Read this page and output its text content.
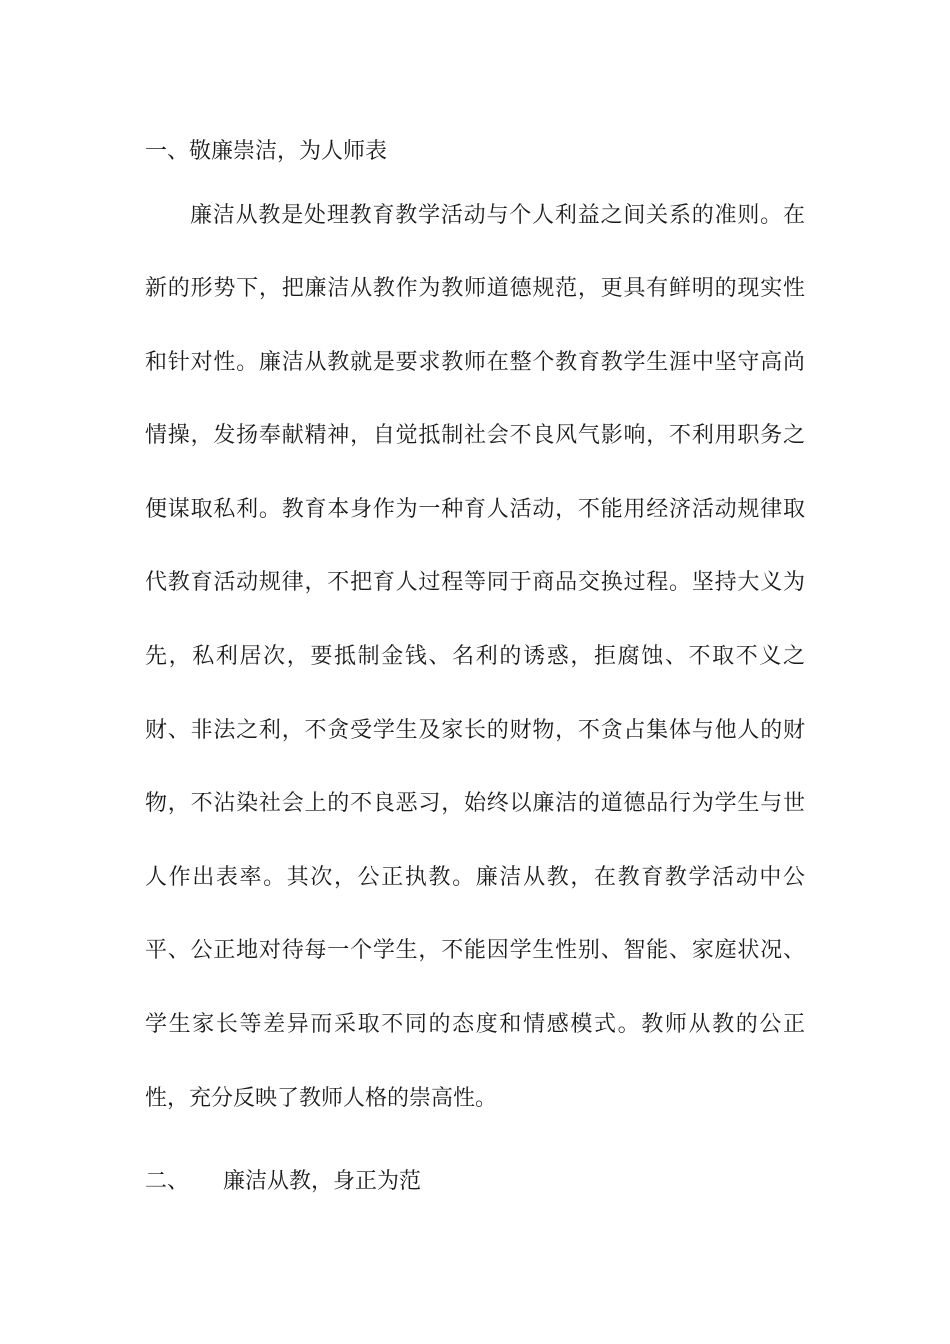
一、敬廉崇洁，为人师表
廉洁从教是处理教育教学活动与个人利益之间关系的准则。在
新的形势下，把廉洁从教作为教师道德规范，更具有鲜明的现实性
和针对性。廉洁从教就是要求教师在整个教育教学生涯中坚守高尚
情操，发扬奉献精神，自觉抵制社会不良风气影响，不利用职务之
便谋取私利。教育本身作为一种育人活动，不能用经济活动规律取
代教育活动规律，不把育人过程等同于商品交换过程。坚持大义为
先，私利居次，要抵制金钱、名利的诱惑，拒腐蚀、不取不义之
财、非法之利，不贪受学生及家长的财物，不贪占集体与他人的财
物，不沾染社会上的不良恶习，始终以廉洁的道德品行为学生与世
人作出表率。其次，公正执教。廉洁从教，在教育教学活动中公
平、公正地对待每一个学生，不能因学生性别、智能、家庭状况、
学生家长等差异而采取不同的态度和情感模式。教师从教的公正
性，充分反映了教师人格的崇高性。
二、 廉洁从教，身正为范
